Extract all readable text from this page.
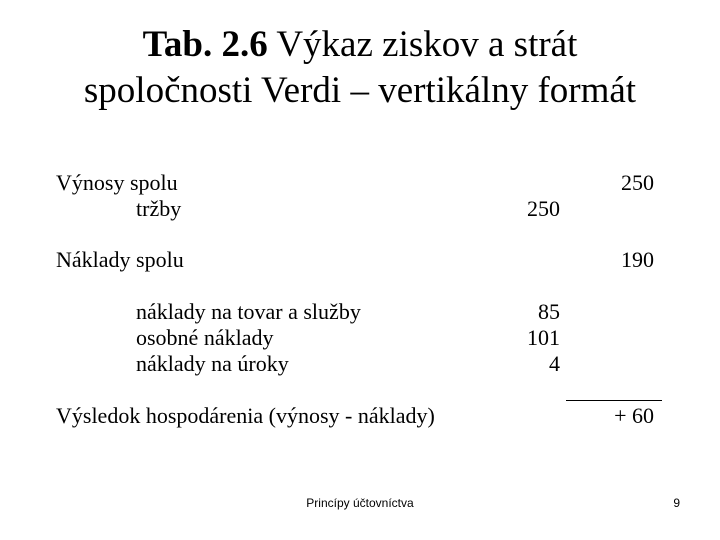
Tab. 2.6 Výkaz ziskov a strát
spoločnosti Verdi – vertikálny formát
Výnosy spolu	250
tržby	250
Náklady spolu	190
náklady na tovar a služby	85
osobné náklady	101
náklady na úroky	4
Výsledok hospodárenia (výnosy - náklady)	+ 60
Princípy účtovníctva	9
